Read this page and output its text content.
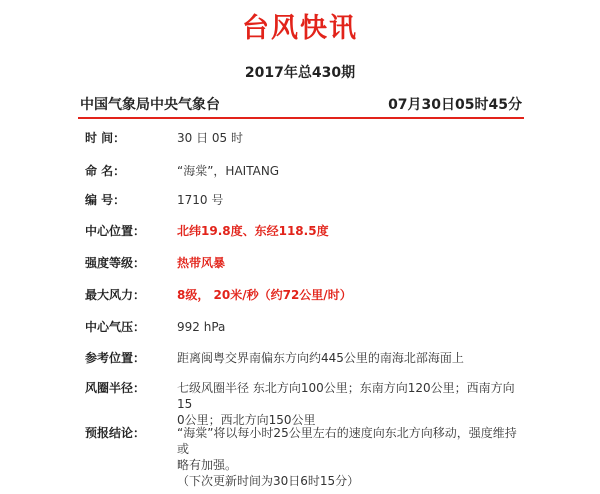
台风快讯
2017年总430期
中国气象局中央气象台	07月30日05时45分
时 间：	30 日 05 时
命 名：	“海棠”，HAITANG
编 号：	1710 号
中心位置：	北纬19.8度、东经118.5度
强度等级：	热带风暴
最大风力：	8级， 20米/秒（约72公里/时）
中心气压：	992 hPa
参考位置：	距离闽粤交界南偏东方向约445公里的南海北部海面上
风圈半径：	七级风圈半径 东北方向100公里；东南方向120公里；西南方向15
0公里；西北方向150公里
预报结论：	“海棠”将以每小时25公里左右的速度向东北方向移动，强度维持或
略有加强。
（下次更新时间为30日6时15分）
